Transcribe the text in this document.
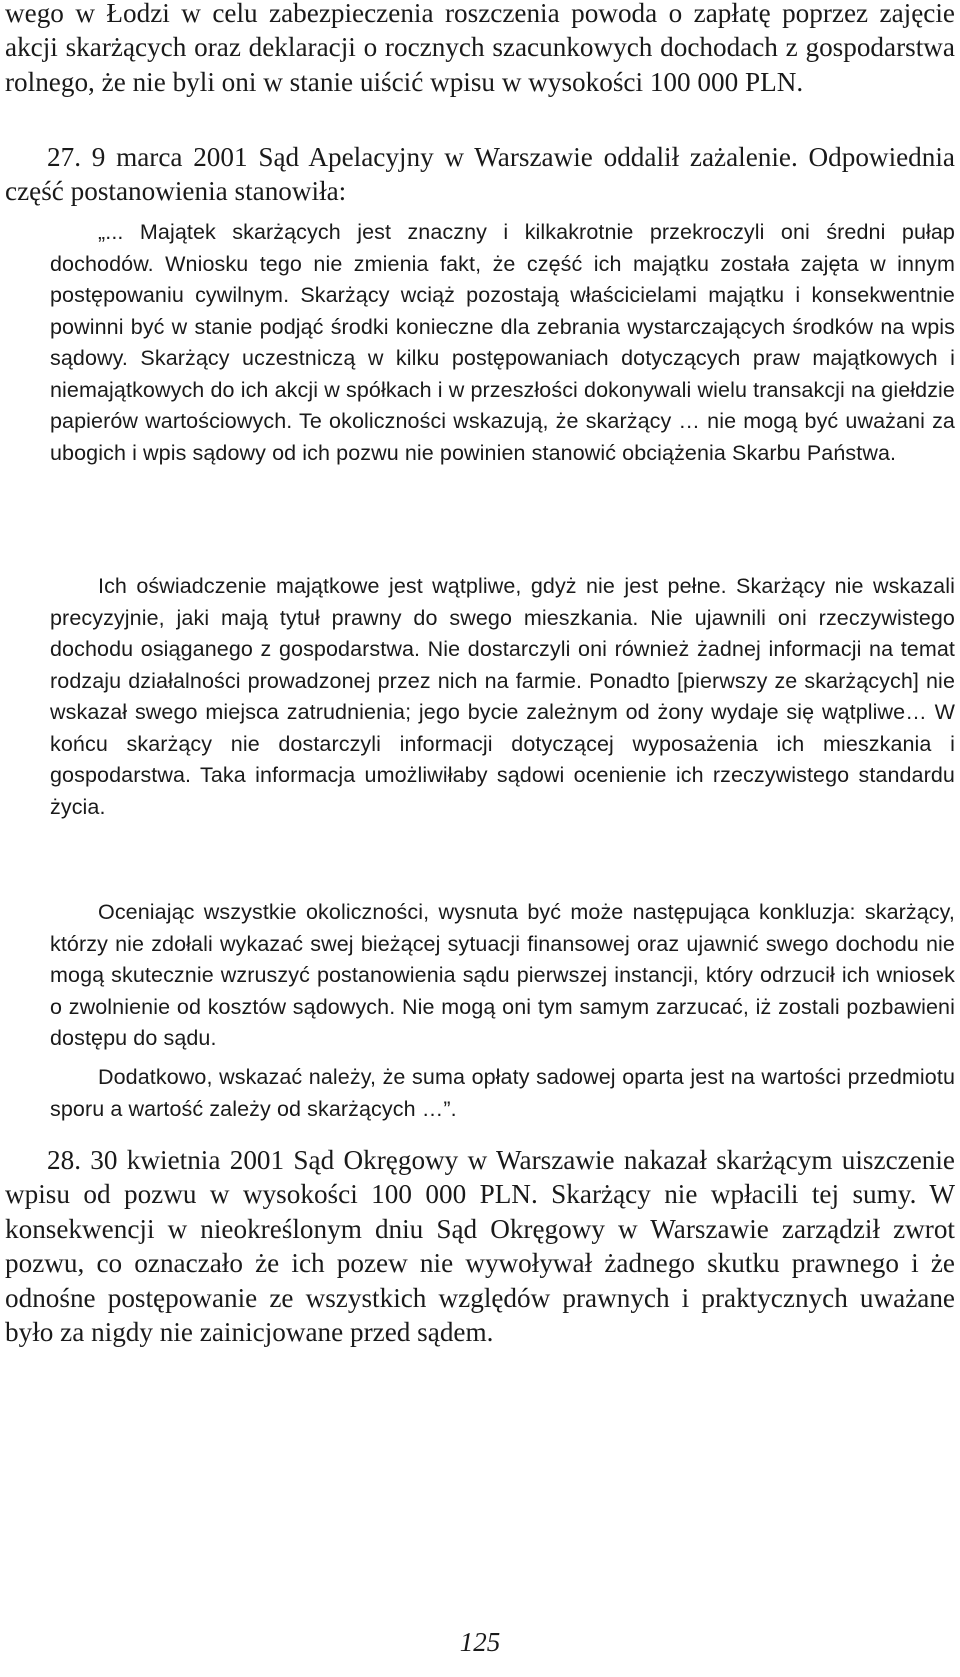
wego w Łodzi w celu zabezpieczenia roszczenia powoda o zapłatę poprzez zajęcie akcji skarżących oraz deklaracji o rocznych szacunkowych dochodach z gospodarstwa rolnego, że nie byli oni w stanie uiścić wpisu w wysokości 100 000 PLN.

27. 9 marca 2001 Sąd Apelacyjny w Warszawie oddalił zażalenie. Odpowiednia część postanowienia stanowiła:

„... Majątek skarżących jest znaczny i kilkakrotnie przekroczyli oni średni pułap dochodów. Wniosku tego nie zmienia fakt, że część ich majątku została zajęta w innym postępowaniu cywilnym. Skarżący wciąż pozostają właścicielami majątku i konsekwentnie powinni być w stanie podjąć środki konieczne dla zebrania wystarczających środków na wpis sądowy. Skarżący uczestniczą w kilku postępowaniach dotyczących praw majątkowych i niemajątkowych do ich akcji w spółkach i w przeszłości dokonywali wielu transakcji na giełdzie papierów wartościowych. Te okoliczności wskazują, że skarżący … nie mogą być uważani za ubogich i wpis sądowy od ich pozwu nie powinien stanowić obciążenia Skarbu Państwa.

Ich oświadczenie majątkowe jest wątpliwe, gdyż nie jest pełne. Skarżący nie wskazali precyzyjnie, jaki mają tytuł prawny do swego mieszkania. Nie ujawnili oni rzeczywistego dochodu osiąganego z gospodarstwa. Nie dostarczyli oni również żadnej informacji na temat rodzaju działalności prowadzonej przez nich na farmie. Ponadto [pierwszy ze skarżących] nie wskazał swego miejsca zatrudnienia; jego bycie zależnym od żony wydaje się wątpliwe… W końcu skarżący nie dostarczyli informacji dotyczącej wyposażenia ich mieszkania i gospodarstwa. Taka informacja umożliwiłaby sądowi ocenienie ich rzeczywistego standardu życia.

Oceniając wszystkie okoliczności, wysnuta być może następująca konkluzja: skarżący, którzy nie zdołali wykazać swej bieżącej sytuacji finansowej oraz ujawnić swego dochodu nie mogą skutecznie wzruszyć postanowienia sądu pierwszej instancji, który odrzucił ich wniosek o zwolnienie od kosztów sądowych. Nie mogą oni tym samym zarzucać, iż zostali pozbawieni dostępu do sądu.

Dodatkowo, wskazać należy, że suma opłaty sadowej oparta jest na wartości przedmiotu sporu a wartość zależy od skarżących …”.

28. 30 kwietnia 2001 Sąd Okręgowy w Warszawie nakazał skarżącym uiszczenie wpisu od pozwu w wysokości 100 000 PLN. Skarżący nie wpłacili tej sumy. W konsekwencji w nieokreślonym dniu Sąd Okręgowy w Warszawie zarządził zwrot pozwu, co oznaczało że ich pozew nie wywoływał żadnego skutku prawnego i że odnośne postępowanie ze wszystkich względów prawnych i praktycznych uważane było za nigdy nie zainicjowane przed sądem.

125
